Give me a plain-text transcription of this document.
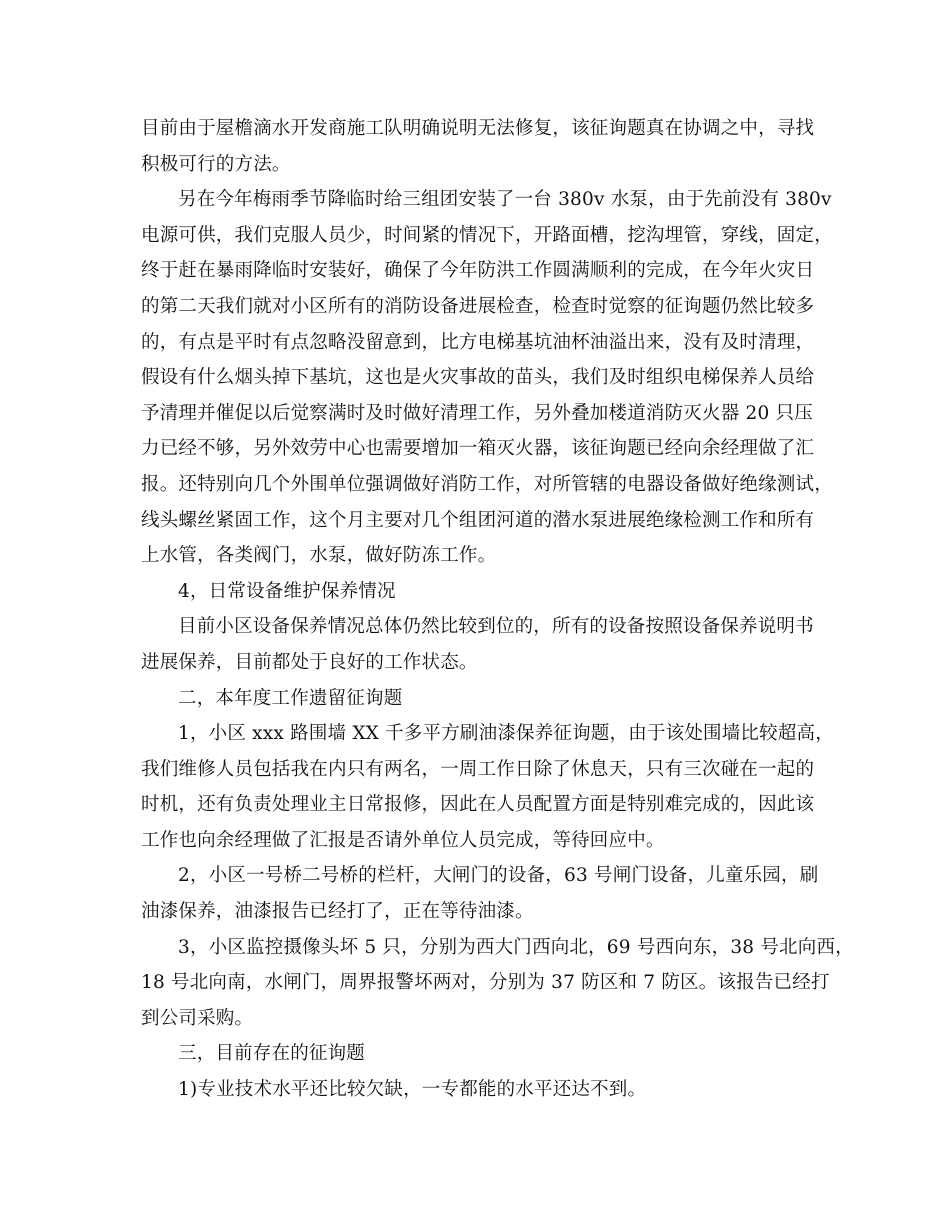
目前由于屋檐滴水开发商施工队明确说明无法修复，该征询题真在协调之中，寻找
积极可行的方法。
另在今年梅雨季节降临时给三组团安装了一台 380v 水泵，由于先前没有 380v
电源可供，我们克服人员少，时间紧的情况下，开路面槽，挖沟埋管，穿线，固定，
终于赶在暴雨降临时安装好，确保了今年防洪工作圆满顺利的完成，在今年火灾日
的第二天我们就对小区所有的消防设备进展检查，检查时觉察的征询题仍然比较多
的，有点是平时有点忽略没留意到，比方电梯基坑油杯油溢出来，没有及时清理，
假设有什么烟头掉下基坑，这也是火灾事故的苗头，我们及时组织电梯保养人员给
予清理并催促以后觉察满时及时做好清理工作，另外叠加楼道消防灭火器 20 只压
力已经不够，另外效劳中心也需要增加一箱灭火器，该征询题已经向余经理做了汇
报。还特别向几个外围单位强调做好消防工作，对所管辖的电器设备做好绝缘测试，
线头螺丝紧固工作，这个月主要对几个组团河道的潜水泵进展绝缘检测工作和所有
上水管，各类阀门，水泵，做好防冻工作。
4，日常设备维护保养情况
目前小区设备保养情况总体仍然比较到位的，所有的设备按照设备保养说明书
进展保养，目前都处于良好的工作状态。
二，本年度工作遗留征询题
1，小区 xxx 路围墙 XX 千多平方刷油漆保养征询题，由于该处围墙比较超高，
我们维修人员包括我在内只有两名，一周工作日除了休息天，只有三次碰在一起的
时机，还有负责处理业主日常报修，因此在人员配置方面是特别难完成的，因此该
工作也向余经理做了汇报是否请外单位人员完成，等待回应中。
2，小区一号桥二号桥的栏杆，大闸门的设备，63 号闸门设备，儿童乐园，刷
油漆保养，油漆报告已经打了，正在等待油漆。
3，小区监控摄像头坏 5 只，分别为西大门西向北，69 号西向东，38 号北向西，
18 号北向南，水闸门，周界报警坏两对，分别为 37 防区和 7 防区。该报告已经打
到公司采购。
三，目前存在的征询题
1)专业技术水平还比较欠缺，一专都能的水平还达不到。
